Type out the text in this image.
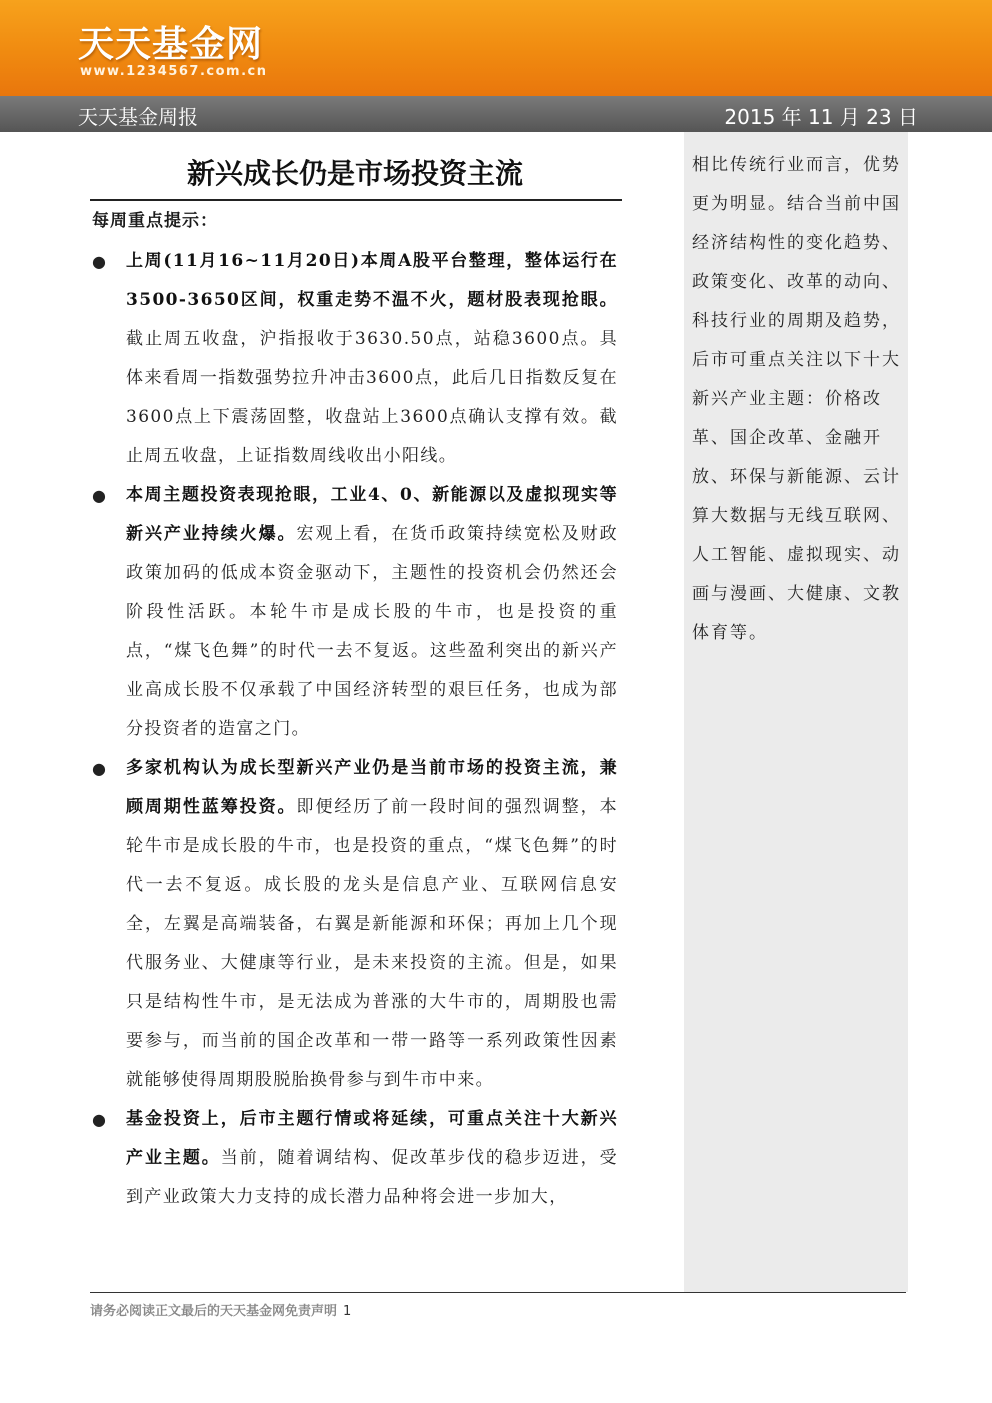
天天基金网
www.1234567.com.cn
天天基金周报	2015 年 11 月 23 日
新兴成长仍是市场投资主流

每周重点提示：

● 上周(11月16~11月20日)本周A股平台整理，整体运行在3500-3650区间，权重走势不温不火，题材股表现抢眼。截止周五收盘，沪指报收于3630.50点，站稳3600点。具体来看周一指数强势拉升冲击3600点，此后几日指数反复在3600点上下震荡固整，收盘站上3600点确认支撑有效。截止周五收盘，上证指数周线收出小阳线。
● 本周主题投资表现抢眼，工业4、0、新能源以及虚拟现实等新兴产业持续火爆。宏观上看，在货币政策持续宽松及财政政策加码的低成本资金驱动下，主题性的投资机会仍然还会阶段性活跃。本轮牛市是成长股的牛市，也是投资的重点，“煤飞色舞”的时代一去不复返。这些盈利突出的新兴产业高成长股不仅承载了中国经济转型的艰巨任务，也成为部分投资者的造富之门。
● 多家机构认为成长型新兴产业仍是当前市场的投资主流，兼顾周期性蓝筹投资。即便经历了前一段时间的强烈调整，本轮牛市是成长股的牛市，也是投资的重点，“煤飞色舞”的时代一去不复返。成长股的龙头是信息产业、互联网信息安全，左翼是高端装备，右翼是新能源和环保；再加上几个现代服务业、大健康等行业，是未来投资的主流。但是，如果只是结构性牛市，是无法成为普涨的大牛市的，周期股也需要参与，而当前的国企改革和一带一路等一系列政策性因素就能够使得周期股脱胎换骨参与到牛市中来。
● 基金投资上，后市主题行情或将延续，可重点关注十大新兴产业主题。当前，随着调结构、促改革步伐的稳步迈进，受到产业政策大力支持的成长潜力品种将会进一步加大，

相比传统行业而言，优势更为明显。结合当前中国经济结构性的变化趋势、政策变化、改革的动向、科技行业的周期及趋势，后市可重点关注以下十大新兴产业主题：价格改革、国企改革、金融开放、环保与新能源、云计算大数据与无线互联网、人工智能、虚拟现实、动画与漫画、大健康、文教体育等。

请务必阅读正文最后的天天基金网免责声明 1
